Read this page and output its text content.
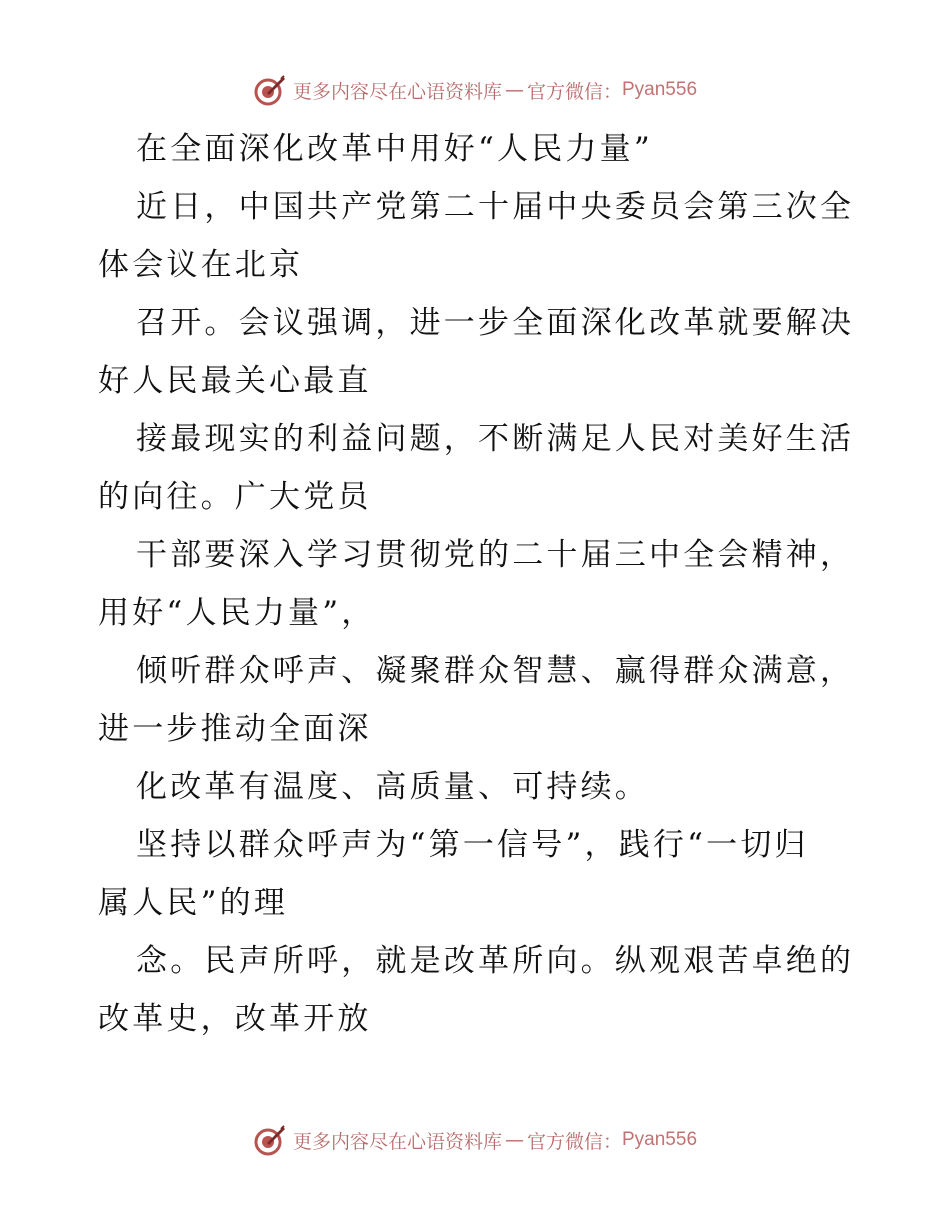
更多内容尽在心语资料库 — 官方微信： Pyan556
在全面深化改革中用好“人民力量”
近日，中国共产党第二十届中央委员会第三次全
体会议在北京
召开。会议强调，进一步全面深化改革就要解决
好人民最关心最直
接最现实的利益问题，不断满足人民对美好生活
的向往。广大党员
干部要深入学习贯彻党的二十届三中全会精神，
用好“人民力量”，
倾听群众呼声、凝聚群众智慧、赢得群众满意，
进一步推动全面深
化改革有温度、高质量、可持续。
坚持以群众呼声为“第一信号”，践行“一切归
属人民”的理
念。民声所呼，就是改革所向。纵观艰苦卓绝的
改革史，改革开放
更多内容尽在心语资料库 — 官方微信： Pyan556
